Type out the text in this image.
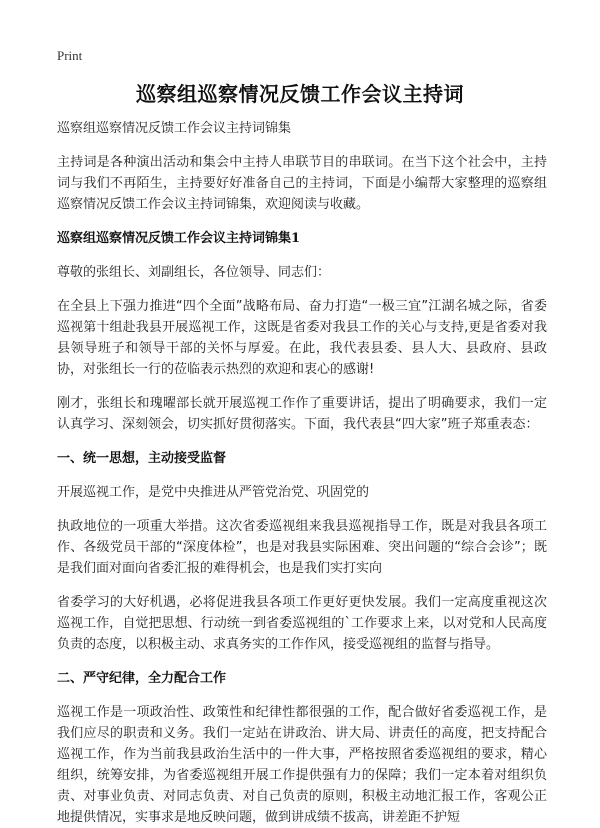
Print
巡察组巡察情况反馈工作会议主持词

巡察组巡察情况反馈工作会议主持词锦集

主持词是各种演出活动和集会中主持人串联节目的串联词。在当下这个社会中，主持词与我们不再陌生，主持要好好准备自己的主持词，下面是小编帮大家整理的巡察组巡察情况反馈工作会议主持词锦集，欢迎阅读与收藏。

巡察组巡察情况反馈工作会议主持词锦集1

尊敬的张组长、刘副组长，各位领导、同志们：

在全县上下强力推进“四个全面”战略布局、奋力打造“一极三宜”江湖名城之际，省委巡视第十组赴我县开展巡视工作，这既是省委对我县工作的关心与支持,更是省委对我县领导班子和领导干部的关怀与厚爱。在此，我代表县委、县人大、县政府、县政协，对张组长一行的莅临表示热烈的欢迎和衷心的感谢!

刚才，张组长和瑰曜部长就开展巡视工作作了重要讲话，提出了明确要求，我们一定认真学习、深刻领会，切实抓好贯彻落实。下面，我代表县“四大家”班子郑重表态：

一、统一思想，主动接受监督

开展巡视工作，是党中央推进从严管党治党、巩固党的

执政地位的一项重大举措。这次省委巡视组来我县巡视指导工作，既是对我县各项工作、各级党员干部的“深度体检”，也是对我县实际困难、突出问题的“综合会诊”；既是我们面对面向省委汇报的难得机会，也是我们实打实向

省委学习的大好机遇，必将促进我县各项工作更好更快发展。我们一定高度重视这次巡视工作，自觉把思想、行动统一到省委巡视组的`工作要求上来，以对党和人民高度负责的态度，以积极主动、求真务实的工作作风，接受巡视组的监督与指导。

二、严守纪律，全力配合工作

巡视工作是一项政治性、政策性和纪律性都很强的工作，配合做好省委巡视工作，是我们应尽的职责和义务。我们一定站在讲政治、讲大局、讲责任的高度，把支持配合巡视工作，作为当前我县政治生活中的一件大事，严格按照省委巡视组的要求，精心组织，统筹安排，为省委巡视组开展工作提供强有力的保障；我们一定本着对组织负责、对事业负责、对同志负责、对自己负责的原则，积极主动地汇报工作，客观公正地提供情况，实事求是地反映问题，做到讲成绩不拔高，讲差距不护短
